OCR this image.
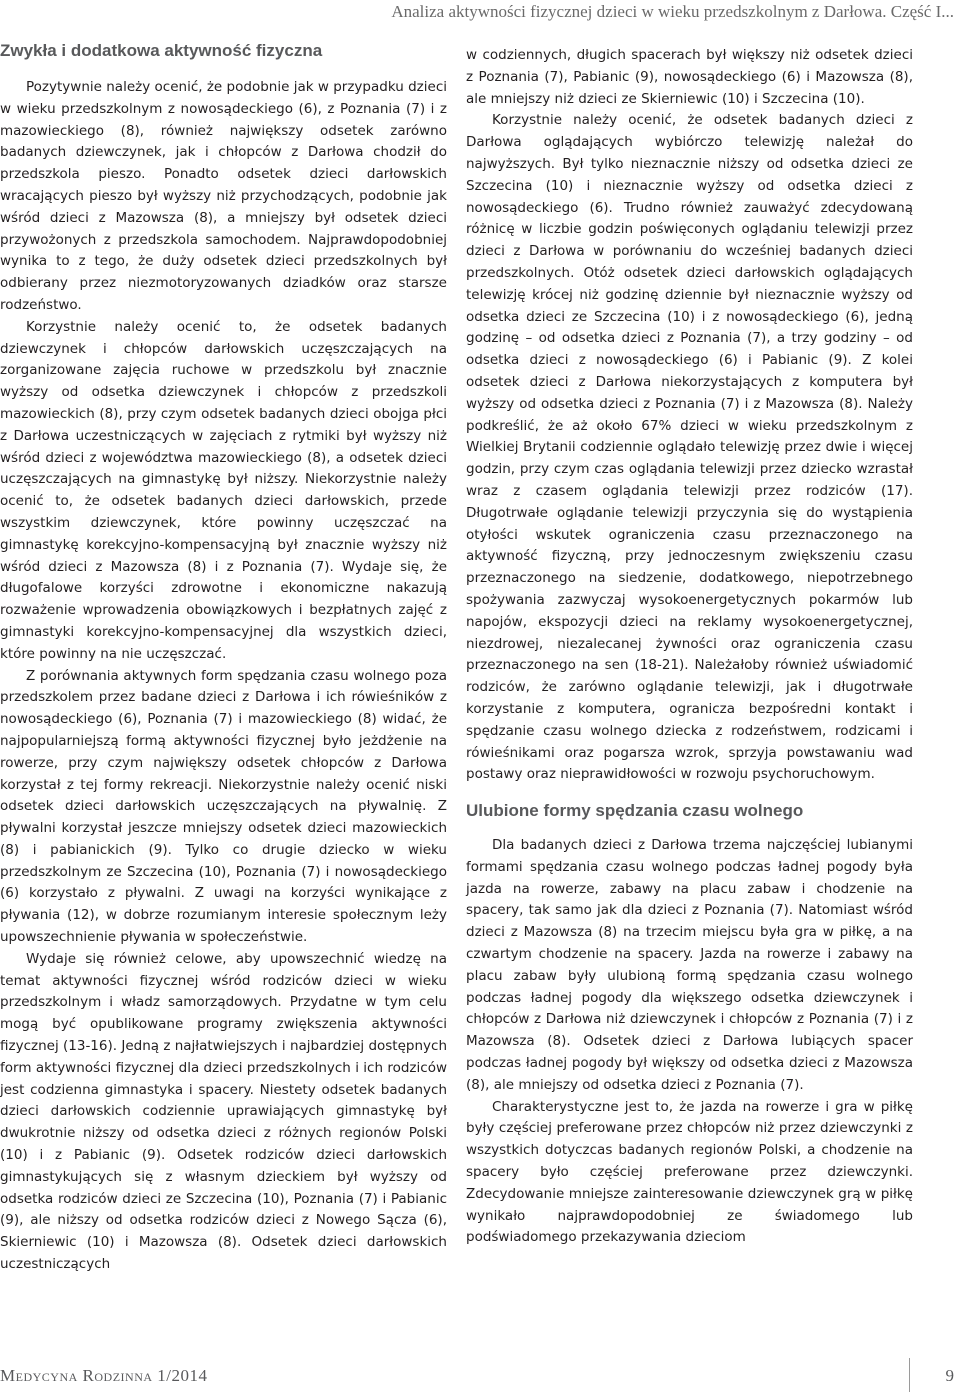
Analiza aktywności fizycznej dzieci w wieku przedszkolnym z Darłowa. Część I...
Zwykła i dodatkowa aktywność fizyczna

Pozytywnie należy ocenić, że podobnie jak w przypadku dzieci w wieku przedszkolnym z nowosądeckiego (6), z Poznania (7) i z mazowieckiego (8), również największy odsetek zarówno badanych dziewczynek, jak i chłopców z Darłowa chodził do przedszkola pieszo. Ponadto odsetek dzieci darłowskich wracających pieszo był wyższy niż przychodzących, podobnie jak wśród dzieci z Mazowsza (8), a mniejszy był odsetek dzieci przywożonych z przedszkola samochodem. Najprawdopodobniej wynika to z tego, że duży odsetek dzieci przedszkolnych był odbierany przez niezmotoryzowanych dziadków oraz starsze rodzeństwo.

Korzystnie należy ocenić to, że odsetek badanych dziewczynek i chłopców darłowskich uczęszczających na zorganizowane zajęcia ruchowe w przedszkolu był znacznie wyższy od odsetka dziewczynek i chłopców z przedszkoli mazowieckich (8), przy czym odsetek badanych dzieci obojga płci z Darłowa uczestniczących w zajęciach z rytmiki był wyższy niż wśród dzieci z województwa mazowieckiego (8), a odsetek dzieci uczęszczających na gimnastykę był niższy. Niekorzystnie należy ocenić to, że odsetek badanych dzieci darłowskich, przede wszystkim dziewczynek, które powinny uczęszczać na gimnastykę korekcyjno-kompensacyjną był znacznie wyższy niż wśród dzieci z Mazowsza (8) i z Poznania (7). Wydaje się, że długofalowe korzyści zdrowotne i ekonomiczne nakazują rozważenie wprowadzenia obowiązkowych i bezpłatnych zajęć z gimnastyki korekcyjno-kompensacyjnej dla wszystkich dzieci, które powinny na nie uczęszczać.

Z porównania aktywnych form spędzania czasu wolnego poza przedszkolem przez badane dzieci z Darłowa i ich rówieśników z nowosądeckiego (6), Poznania (7) i mazowieckiego (8) widać, że najpopularniejszą formą aktywności fizycznej było jeżdżenie na rowerze, przy czym największy odsetek chłopców z Darłowa korzystał z tej formy rekreacji. Niekorzystnie należy ocenić niski odsetek dzieci darłowskich uczęszczających na pływalnię. Z pływalni korzystał jeszcze mniejszy odsetek dzieci mazowieckich (8) i pabianickich (9). Tylko co drugie dziecko w wieku przedszkolnym ze Szczecina (10), Poznania (7) i nowosądeckiego (6) korzystało z pływalni. Z uwagi na korzyści wynikające z pływania (12), w dobrze rozumianym interesie społecznym leży upowszechnienie pływania w społeczeństwie.

Wydaje się również celowe, aby upowszechnić wiedzę na temat aktywności fizycznej wśród rodziców dzieci w wieku przedszkolnym i władz samorządowych. Przydatne w tym celu mogą być opublikowane programy zwiększenia aktywności fizycznej (13-16). Jedną z najłatwiejszych i najbardziej dostępnych form aktywności fizycznej dla dzieci przedszkolnych i ich rodziców jest codzienna gimnastyka i spacery. Niestety odsetek badanych dzieci darłowskich codziennie uprawiających gimnastykę był dwukrotnie niższy od odsetka dzieci z różnych regionów Polski (10) i z Pabianic (9). Odsetek rodziców dzieci darłowskich gimnastykujących się z własnym dzieckiem był wyższy od odsetka rodziców dzieci ze Szczecina (10), Poznania (7) i Pabianic (9), ale niższy od odsetka rodziców dzieci z Nowego Sącza (6), Skierniewic (10) i Mazowsza (8). Odsetek dzieci darłowskich uczestniczących

w codziennych, długich spacerach był większy niż odsetek dzieci z Poznania (7), Pabianic (9), nowosądeckiego (6) i Mazowsza (8), ale mniejszy niż dzieci ze Skierniewic (10) i Szczecina (10).

Korzystnie należy ocenić, że odsetek badanych dzieci z Darłowa oglądających wybiórczo telewizję należał do najwyższych. Był tylko nieznacznie niższy od odsetka dzieci ze Szczecina (10) i nieznacznie wyższy od odsetka dzieci z nowosądeckiego (6). Trudno również zauważyć zdecydowaną różnicę w liczbie godzin poświęconych oglądaniu telewizji przez dzieci z Darłowa w porównaniu do wcześniej badanych dzieci przedszkolnych. Otóż odsetek dzieci darłowskich oglądających telewizję krócej niż godzinę dziennie był nieznacznie wyższy od odsetka dzieci ze Szczecina (10) i z nowosądeckiego (6), jedną godzinę – od odsetka dzieci z Poznania (7), a trzy godziny – od odsetka dzieci z nowosądeckiego (6) i Pabianic (9). Z kolei odsetek dzieci z Darłowa niekorzystających z komputera był wyższy od odsetka dzieci z Poznania (7) i z Mazowsza (8). Należy podkreślić, że aż około 67% dzieci w wieku przedszkolnym z Wielkiej Brytanii codziennie oglądało telewizję przez dwie i więcej godzin, przy czym czas oglądania telewizji przez dziecko wzrastał wraz z czasem oglądania telewizji przez rodziców (17). Długotrwałe oglądanie telewizji przyczynia się do wystąpienia otyłości wskutek ograniczenia czasu przeznaczonego na aktywność fizyczną, przy jednoczesnym zwiększeniu czasu przeznaczonego na siedzenie, dodatkowego, niepotrzebnego spożywania zazwyczaj wysokoenergetycznych pokarmów lub napojów, ekspozycji dzieci na reklamy wysokoenergetycznej, niezdrowej, niezalecanej żywności oraz ograniczenia czasu przeznaczonego na sen (18-21). Należałoby również uświadomić rodziców, że zarówno oglądanie telewizji, jak i długotrwałe korzystanie z komputera, ogranicza bezpośredni kontakt i spędzanie czasu wolnego dziecka z rodzeństwem, rodzicami i rówieśnikami oraz pogarsza wzrok, sprzyja powstawaniu wad postawy oraz nieprawidłowości w rozwoju psychoruchowym.

Ulubione formy spędzania czasu wolnego

Dla badanych dzieci z Darłowa trzema najczęściej lubianymi formami spędzania czasu wolnego podczas ładnej pogody była jazda na rowerze, zabawy na placu zabaw i chodzenie na spacery, tak samo jak dla dzieci z Poznania (7). Natomiast wśród dzieci z Mazowsza (8) na trzecim miejscu była gra w piłkę, a na czwartym chodzenie na spacery. Jazda na rowerze i zabawy na placu zabaw były ulubioną formą spędzania czasu wolnego podczas ładnej pogody dla większego odsetka dziewczynek i chłopców z Darłowa niż dziewczynek i chłopców z Poznania (7) i z Mazowsza (8). Odsetek dzieci z Darłowa lubiących spacer podczas ładnej pogody był większy od odsetka dzieci z Mazowsza (8), ale mniejszy od odsetka dzieci z Poznania (7).

Charakterystyczne jest to, że jazda na rowerze i gra w piłkę były częściej preferowane przez chłopców niż przez dziewczynki z wszystkich dotyczcas badanych regionów Polski, a chodzenie na spacery było częściej preferowane przez dziewczynki. Zdecydowanie mniejsze zainteresowanie dziewczynek grą w piłkę wynikało najprawdopodobniej ze świadomego lub podświadomego przekazywania dzieciom

Medycyna Rodzinna 1/2014	9
